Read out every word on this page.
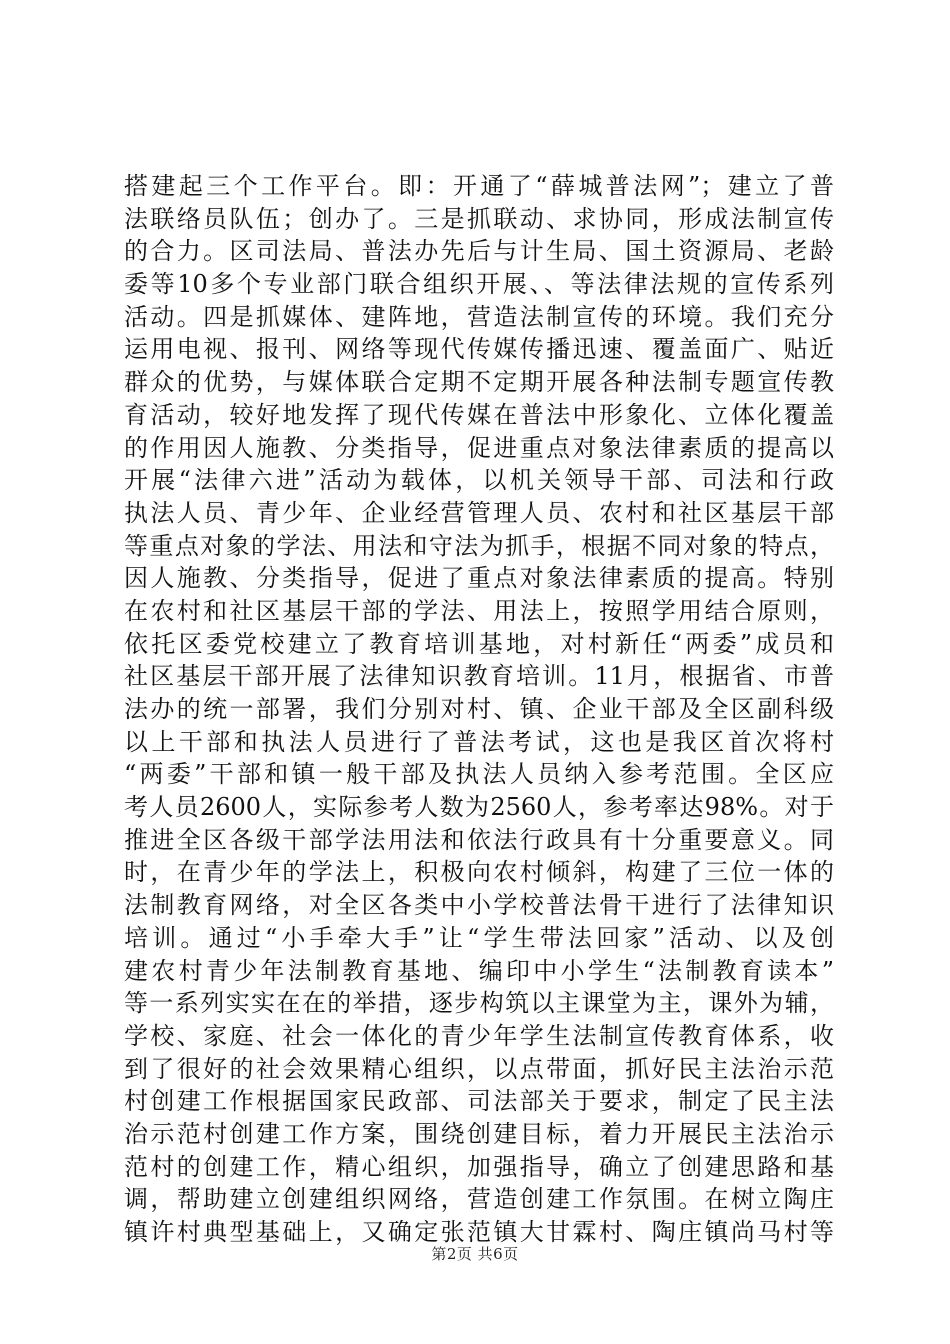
搭建起三个工作平台。即：开通了“薛城普法网”；建立了普
法联络员队伍；创办了。三是抓联动、求协同，形成法制宣传
的合力。区司法局、普法办先后与计生局、国土资源局、老龄
委等10多个专业部门联合组织开展、、等法律法规的宣传系列
活动。四是抓媒体、建阵地，营造法制宣传的环境。我们充分
运用电视、报刊、网络等现代传媒传播迅速、覆盖面广、贴近
群众的优势，与媒体联合定期不定期开展各种法制专题宣传教
育活动，较好地发挥了现代传媒在普法中形象化、立体化覆盖
的作用因人施教、分类指导，促进重点对象法律素质的提高以
开展“法律六进”活动为载体，以机关领导干部、司法和行政
执法人员、青少年、企业经营管理人员、农村和社区基层干部
等重点对象的学法、用法和守法为抓手，根据不同对象的特点，
因人施教、分类指导，促进了重点对象法律素质的提高。特别
在农村和社区基层干部的学法、用法上，按照学用结合原则，
依托区委党校建立了教育培训基地，对村新任“两委”成员和
社区基层干部开展了法律知识教育培训。11月，根据省、市普
法办的统一部署，我们分别对村、镇、企业干部及全区副科级
以上干部和执法人员进行了普法考试，这也是我区首次将村
“两委”干部和镇一般干部及执法人员纳入参考范围。全区应
考人员2600人，实际参考人数为2560人，参考率达98%。对于
推进全区各级干部学法用法和依法行政具有十分重要意义。同
时，在青少年的学法上，积极向农村倾斜，构建了三位一体的
法制教育网络，对全区各类中小学校普法骨干进行了法律知识
培训。通过“小手牵大手”让“学生带法回家”活动、以及创
建农村青少年法制教育基地、编印中小学生“法制教育读本”
等一系列实实在在的举措，逐步构筑以主课堂为主，课外为辅，
学校、家庭、社会一体化的青少年学生法制宣传教育体系，收
到了很好的社会效果精心组织，以点带面，抓好民主法治示范
村创建工作根据国家民政部、司法部关于要求，制定了民主法
治示范村创建工作方案，围绕创建目标，着力开展民主法治示
范村的创建工作，精心组织，加强指导，确立了创建思路和基
调，帮助建立创建组织网络，营造创建工作氛围。在树立陶庄
镇许村典型基础上，又确定张范镇大甘霖村、陶庄镇尚马村等
第2页 共6页
